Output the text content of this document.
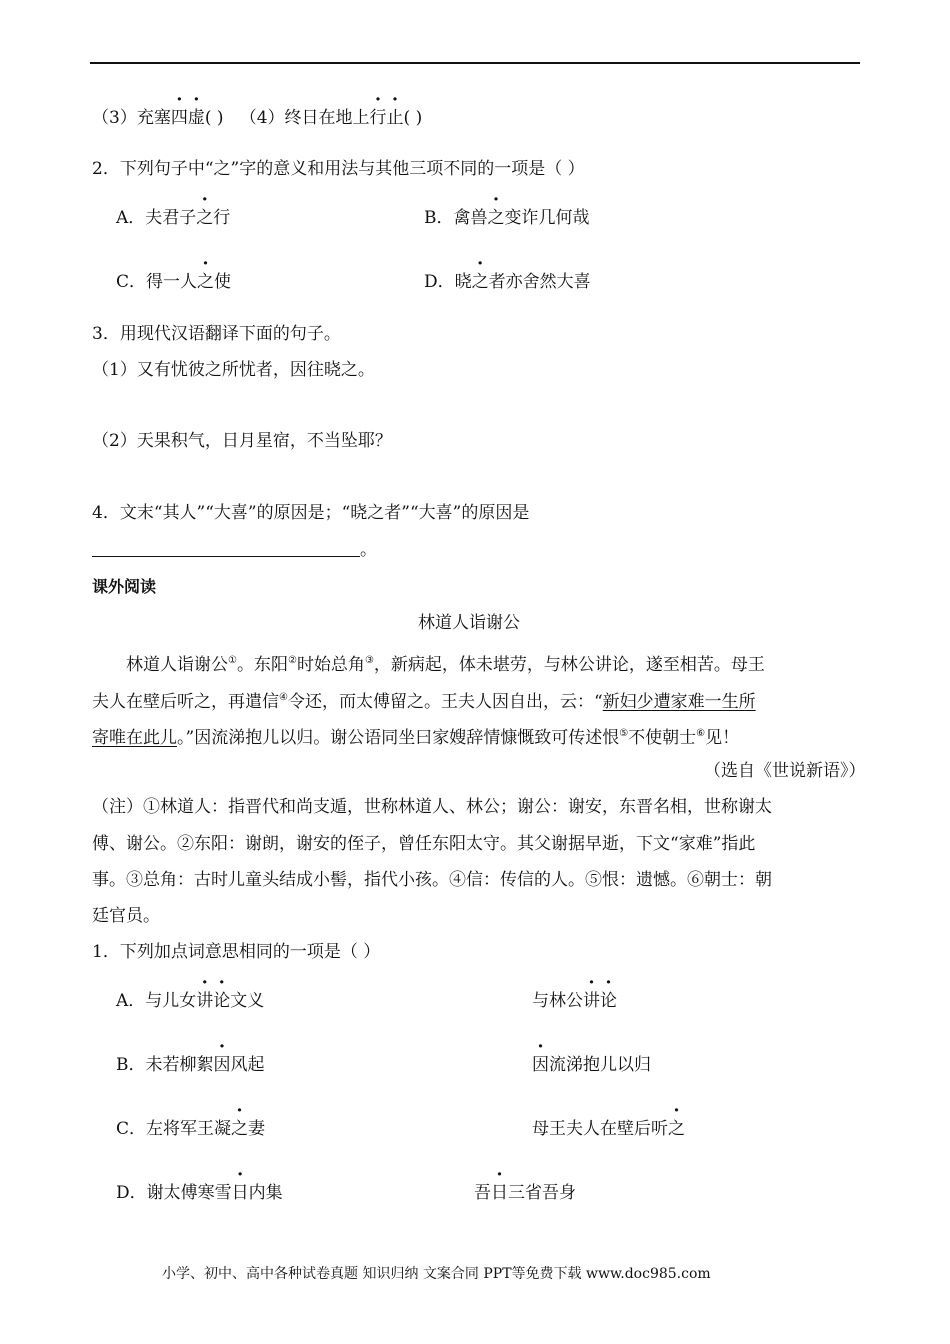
（3）充塞四虚( ) （4）终日在地上行止( )
2．下列句子中“之”字的意义和用法与其他三项不同的一项是（ ）
A．夫君子之行	B．禽兽之变诈几何哉
C．得一人之使	D．晓之者亦舍然大喜
3．用现代汉语翻译下面的句子。
（1）又有忧彼之所忧者，因往晓之。
（2）天果积气，日月星宿，不当坠耶？
4．文末“其人”“大喜”的原因是；“晓之者”“大喜”的原因是
。
课外阅读
林道人诣谢公
林道人诣谢公①。东阳②时始总角③，新病起，体未堪劳，与林公讲论，遂至相苦。母王
夫人在壁后听之，再遣信④令还，而太傅留之。王夫人因自出，云：“新妇少遭家难一生所
寄唯在此儿。”因流涕抱儿以归。谢公语同坐曰家嫂辞情慷慨致可传述恨⑤不使朝士⑥见！
（选自《世说新语》）
（注）①林道人：指晋代和尚支遁，世称林道人、林公；谢公：谢安，东晋名相，世称谢太
傅、谢公。②东阳：谢朗，谢安的侄子，曾任东阳太守。其父谢据早逝，下文“家难”指此
事。③总角：古时儿童头结成小髻，指代小孩。④信：传信的人。⑤恨：遗憾。⑥朝士：朝
廷官员。
1．下列加点词意思相同的一项是（ ）
A．与儿女讲论文义	与林公讲论
B．未若柳絮因风起	因流涕抱儿以归
C．左将军王凝之妻	母王夫人在壁后听之
D．谢太傅寒雪日内集	吾日三省吾身
小学、初中、高中各种试卷真题 知识归纳 文案合同 PPT等免费下载 www.doc985.com
